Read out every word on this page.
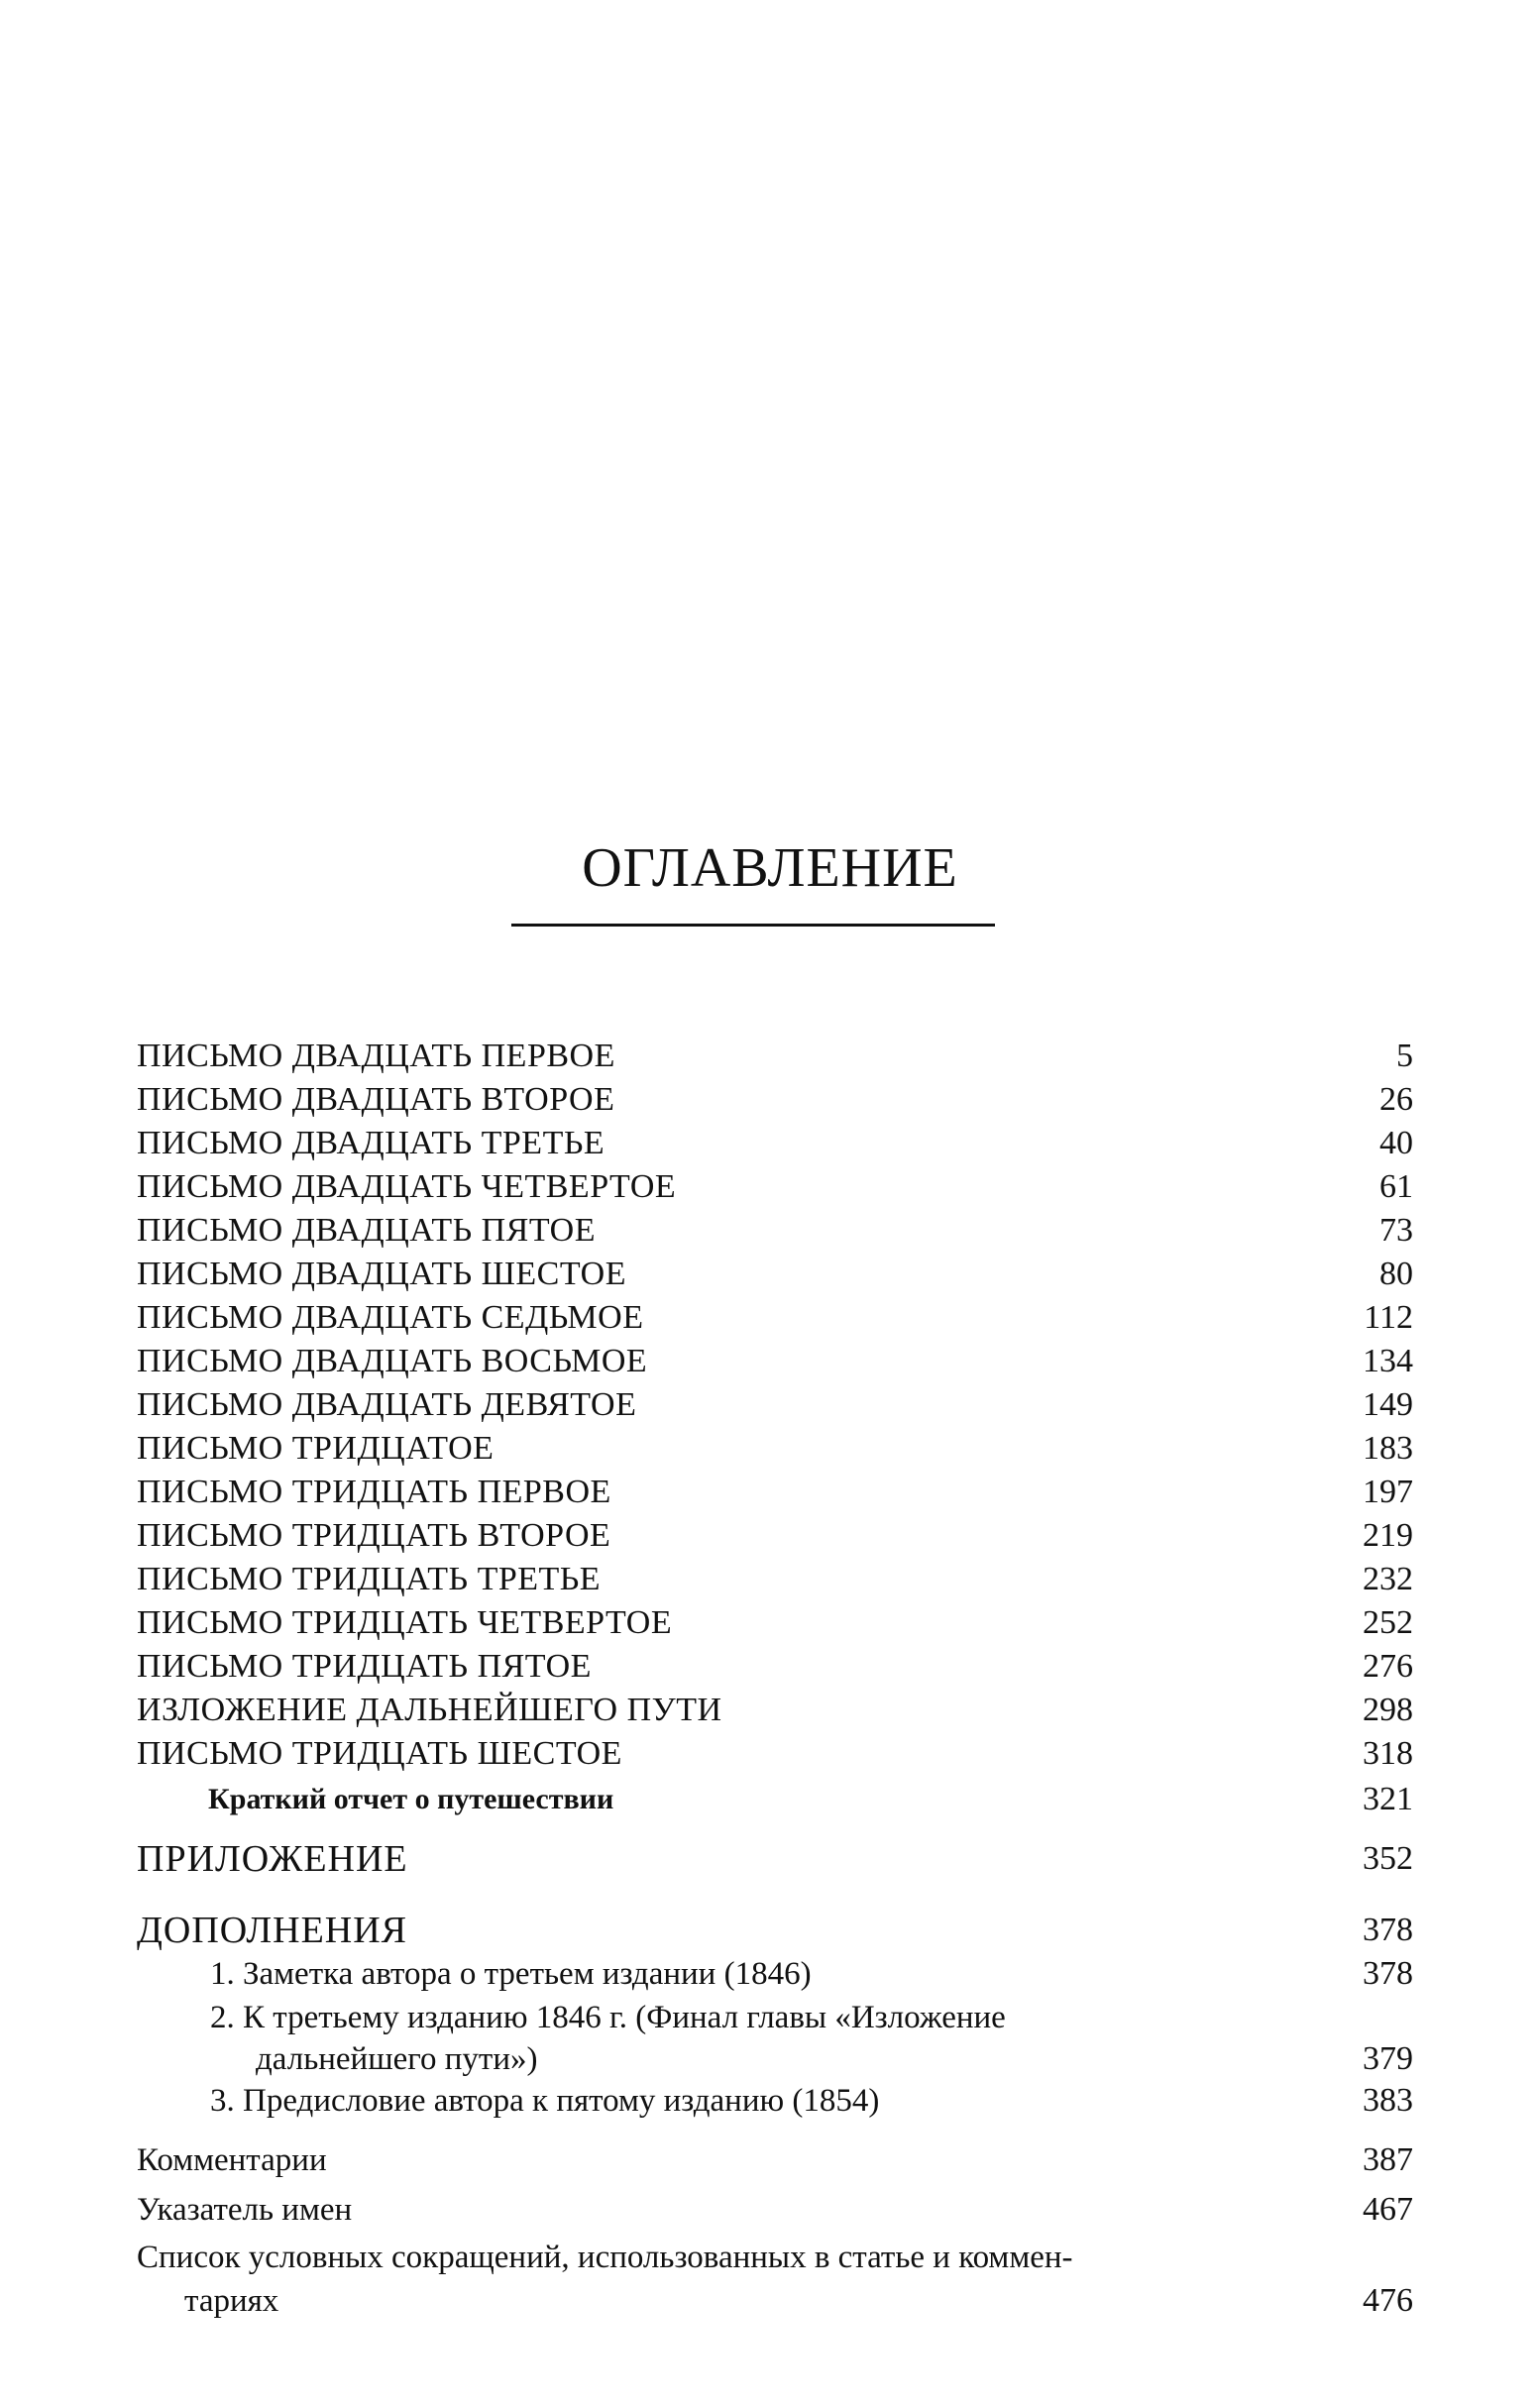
ОГЛАВЛЕНИЕ
ПИСЬМО ДВАДЦАТЬ ПЕРВОЕ	5
ПИСЬМО ДВАДЦАТЬ ВТОРОЕ	26
ПИСЬМО ДВАДЦАТЬ ТРЕТЬЕ	40
ПИСЬМО ДВАДЦАТЬ ЧЕТВЕРТОЕ	61
ПИСЬМО ДВАДЦАТЬ ПЯТОЕ	73
ПИСЬМО ДВАДЦАТЬ ШЕСТОЕ	80
ПИСЬМО ДВАДЦАТЬ СЕДЬМОЕ	112
ПИСЬМО ДВАДЦАТЬ ВОСЬМОЕ	134
ПИСЬМО ДВАДЦАТЬ ДЕВЯТОЕ	149
ПИСЬМО ТРИДЦАТОЕ	183
ПИСЬМО ТРИДЦАТЬ ПЕРВОЕ	197
ПИСЬМО ТРИДЦАТЬ ВТОРОЕ	219
ПИСЬМО ТРИДЦАТЬ ТРЕТЬЕ	232
ПИСЬМО ТРИДЦАТЬ ЧЕТВЕРТОЕ	252
ПИСЬМО ТРИДЦАТЬ ПЯТОЕ	276
ИЗЛОЖЕНИЕ ДАЛЬНЕЙШЕГО ПУТИ	298
ПИСЬМО ТРИДЦАТЬ ШЕСТОЕ	318
Краткий отчет о путешествии	321
ПРИЛОЖЕНИЕ	352
ДОПОЛНЕНИЯ	378
1. Заметка автора о третьем издании (1846)	378
2. К третьему изданию 1846 г. (Финал главы «Изложение
дальнейшего пути»)	379
3. Предисловие автора к пятому изданию (1854)	383
Комментарии	387
Указатель имен	467
Список условных сокращений, использованных в статье и коммен-
тариях	476
